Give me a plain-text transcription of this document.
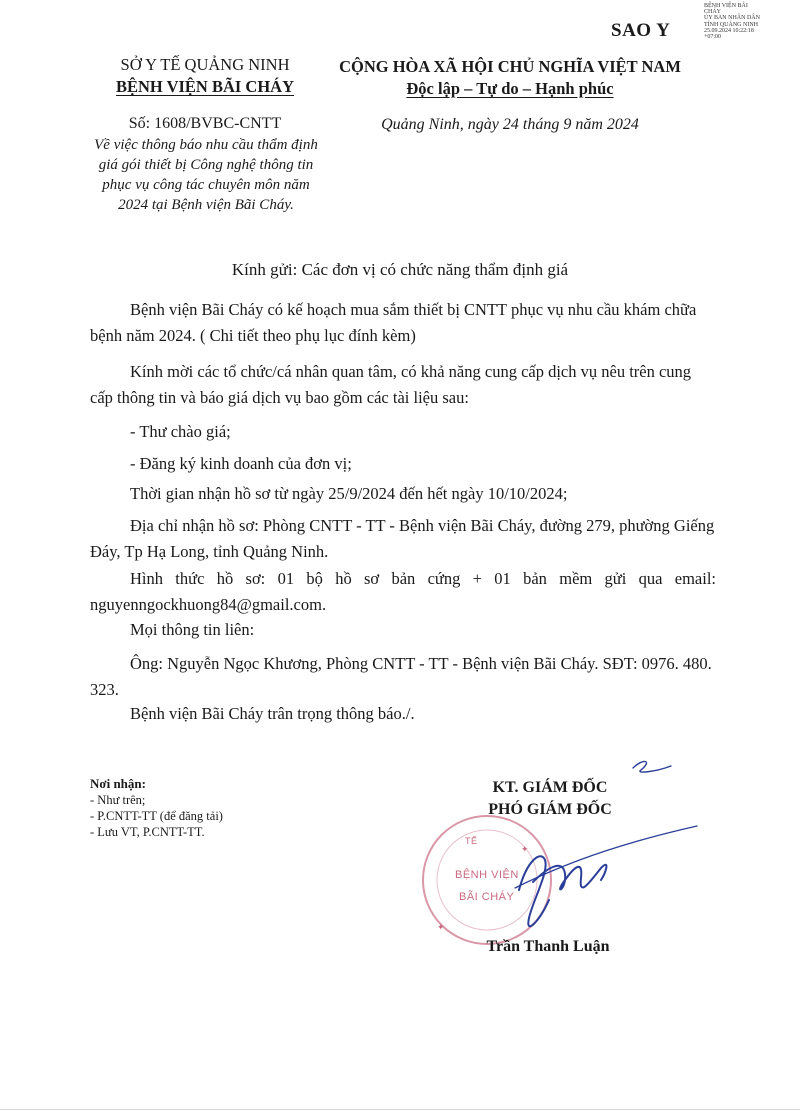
SAO Y
BỆNH VIỆN BÃI
CHÁY
ỦY BAN NHÂN DÂN
TỈNH QUẢNG NINH
25.09.2024 10:22:18
+07:00
SỞ Y TẾ QUẢNG NINH
BỆNH VIỆN BÃI CHÁY
CỘNG HÒA XÃ HỘI CHỦ NGHĨA VIỆT NAM
Độc lập – Tự do – Hạnh phúc
Số: 1608/BVBC-CNTT
Về việc thông báo nhu cầu thẩm định giá gói thiết bị Công nghệ thông tin phục vụ công tác chuyên môn năm 2024 tại Bệnh viện Bãi Cháy.
Quảng Ninh, ngày 24 tháng 9 năm 2024
Kính gửi: Các đơn vị có chức năng thẩm định giá
Bệnh viện Bãi Cháy có kế hoạch mua sắm thiết bị CNTT phục vụ nhu cầu khám chữa bệnh năm 2024. ( Chi tiết theo phụ lục đính kèm)
Kính mời các tổ chức/cá nhân quan tâm, có khả năng cung cấp dịch vụ nêu trên cung cấp thông tin và báo giá dịch vụ bao gồm các tài liệu sau:
- Thư chào giá;
- Đăng ký kinh doanh của đơn vị;
Thời gian nhận hồ sơ từ ngày 25/9/2024 đến hết ngày 10/10/2024;
Địa chỉ nhận hồ sơ: Phòng CNTT - TT - Bệnh viện Bãi Cháy, đường 279, phường Giếng Đáy, Tp Hạ Long, tỉnh Quảng Ninh.
Hình thức hồ sơ: 01 bộ hồ sơ bản cứng + 01 bản mềm gửi qua email: nguyenngockhuong84@gmail.com.
Mọi thông tin liên:
Ông: Nguyễn Ngọc Khương, Phòng CNTT - TT - Bệnh viện Bãi Cháy. SĐT: 0976. 480. 323.
Bệnh viện Bãi Cháy trân trọng thông báo./.
Nơi nhận:
- Như trên;
- P.CNTT-TT (để đăng tải)
- Lưu VT, P.CNTT-TT.
BỆNH VIỆN
BÃI CHÁY
TẾ
✦
✦
KT. GIÁM ĐỐC
PHÓ GIÁM ĐỐC
Trần Thanh Luận
